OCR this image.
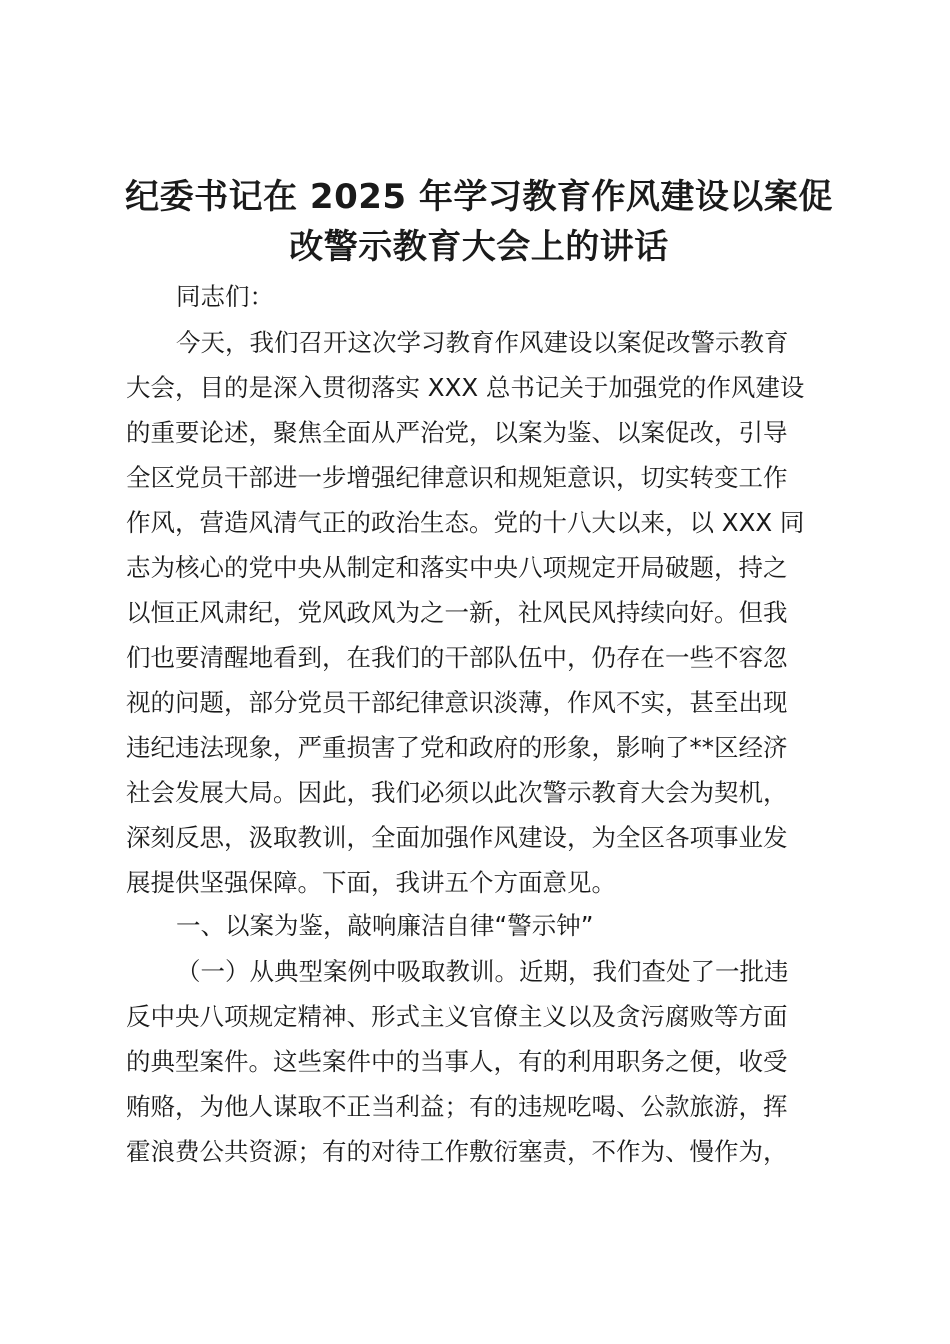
纪委书记在 2025 年学习教育作风建设以案促
改警示教育大会上的讲话

同志们：

今天，我们召开这次学习教育作风建设以案促改警示教育

大会，目的是深入贯彻落实 XXX 总书记关于加强党的作风建设

的重要论述，聚焦全面从严治党，以案为鉴、以案促改，引导

全区党员干部进一步增强纪律意识和规矩意识，切实转变工作

作风，营造风清气正的政治生态。党的十八大以来，以 XXX 同

志为核心的党中央从制定和落实中央八项规定开局破题，持之

以恒正风肃纪，党风政风为之一新，社风民风持续向好。但我

们也要清醒地看到，在我们的干部队伍中，仍存在一些不容忽

视的问题，部分党员干部纪律意识淡薄，作风不实，甚至出现

违纪违法现象，严重损害了党和政府的形象，影响了**区经济

社会发展大局。因此，我们必须以此次警示教育大会为契机，

深刻反思，汲取教训，全面加强作风建设，为全区各项事业发

展提供坚强保障。下面，我讲五个方面意见。

一、以案为鉴，敲响廉洁自律“警示钟”

（一）从典型案例中吸取教训。近期，我们查处了一批违

反中央八项规定精神、形式主义官僚主义以及贪污腐败等方面

的典型案件。这些案件中的当事人，有的利用职务之便，收受

贿赂，为他人谋取不正当利益；有的违规吃喝、公款旅游，挥

霍浪费公共资源；有的对待工作敷衍塞责，不作为、慢作为，
